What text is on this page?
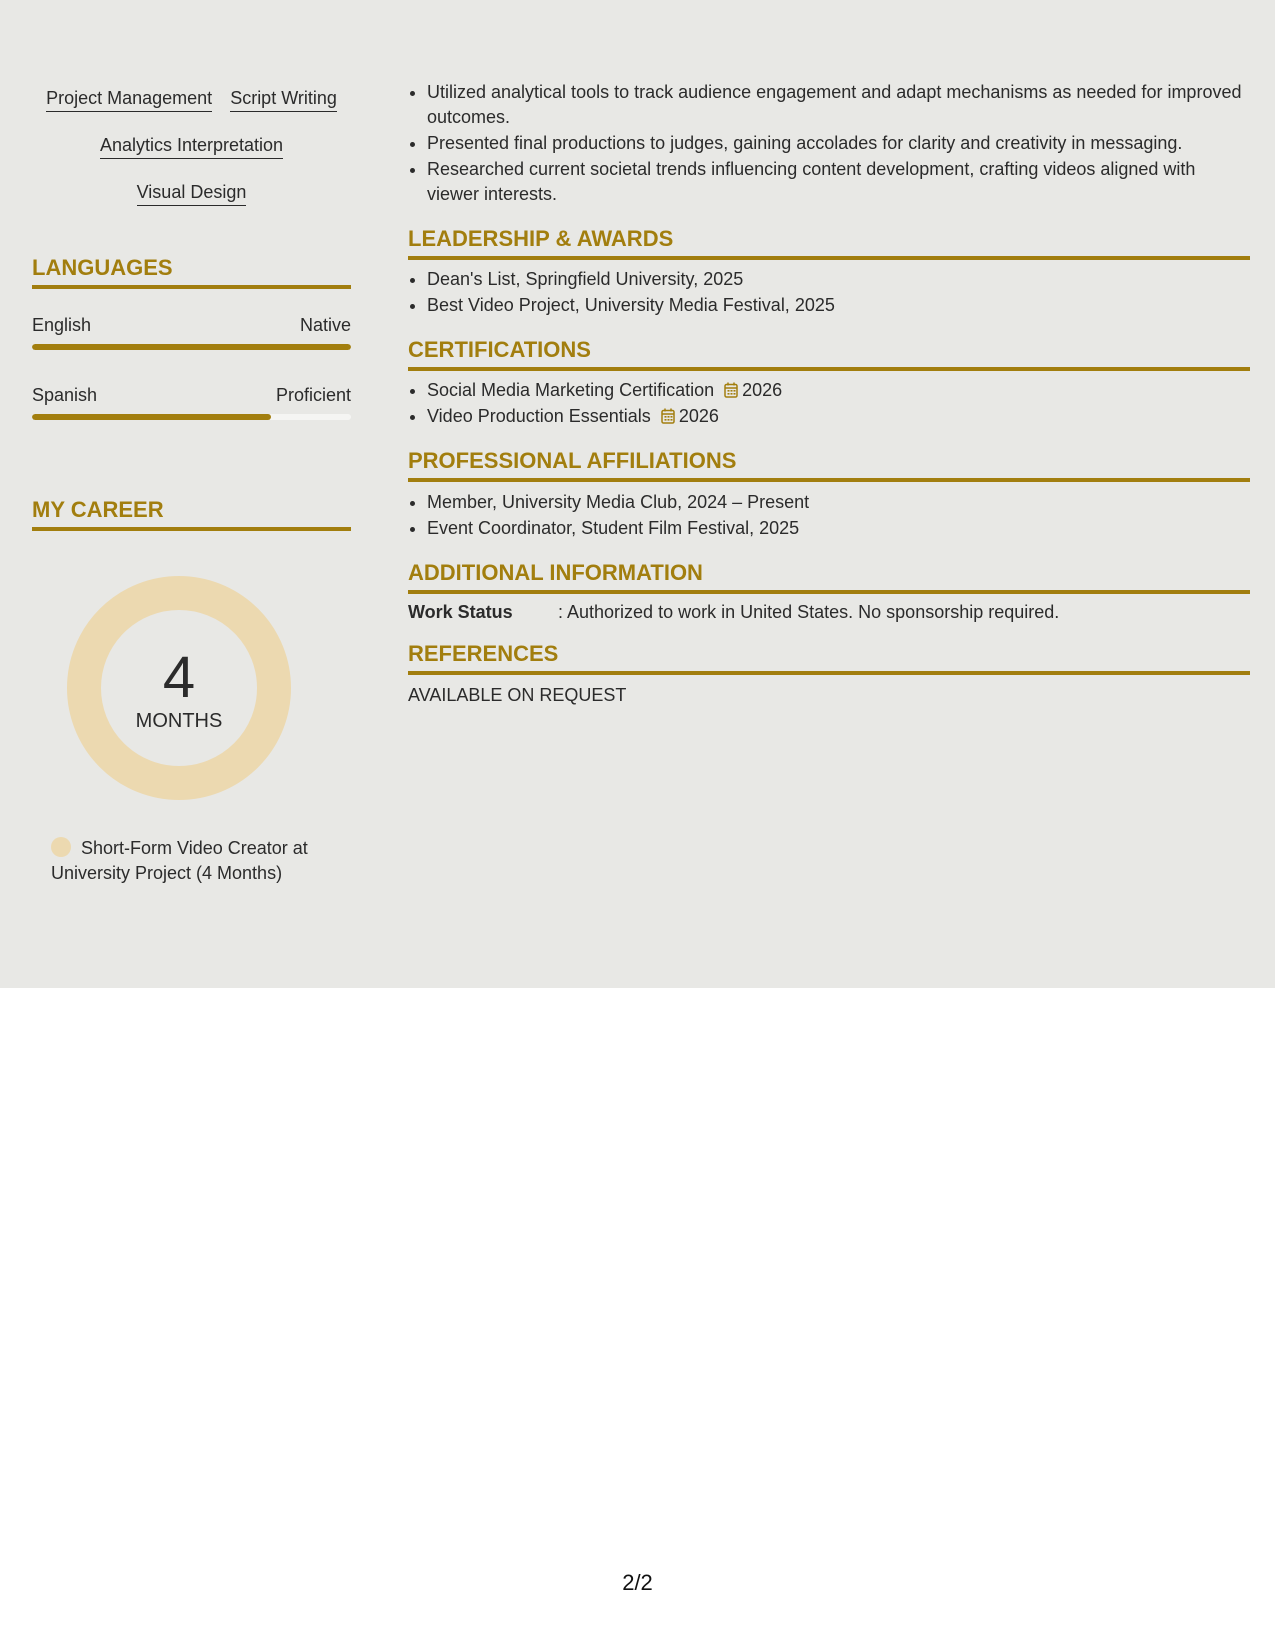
Project Management Script Writing
Analytics Interpretation
Visual Design
LANGUAGES
English	Native
Spanish	Proficient
MY CAREER
4
MONTHS
Short-Form Video Creator at University Project (4 Months)
• Utilized analytical tools to track audience engagement and adapt mechanisms as needed for improved outcomes.
• Presented final productions to judges, gaining accolades for clarity and creativity in messaging.
• Researched current societal trends influencing content development, crafting videos aligned with viewer interests.
LEADERSHIP & AWARDS
• Dean's List, Springfield University, 2025
• Best Video Project, University Media Festival, 2025
CERTIFICATIONS
• Social Media Marketing Certification 2026
• Video Production Essentials 2026
PROFESSIONAL AFFILIATIONS
• Member, University Media Club, 2024 – Present
• Event Coordinator, Student Film Festival, 2025
ADDITIONAL INFORMATION
Work Status	: Authorized to work in United States. No sponsorship required.
REFERENCES
AVAILABLE ON REQUEST
2/2
